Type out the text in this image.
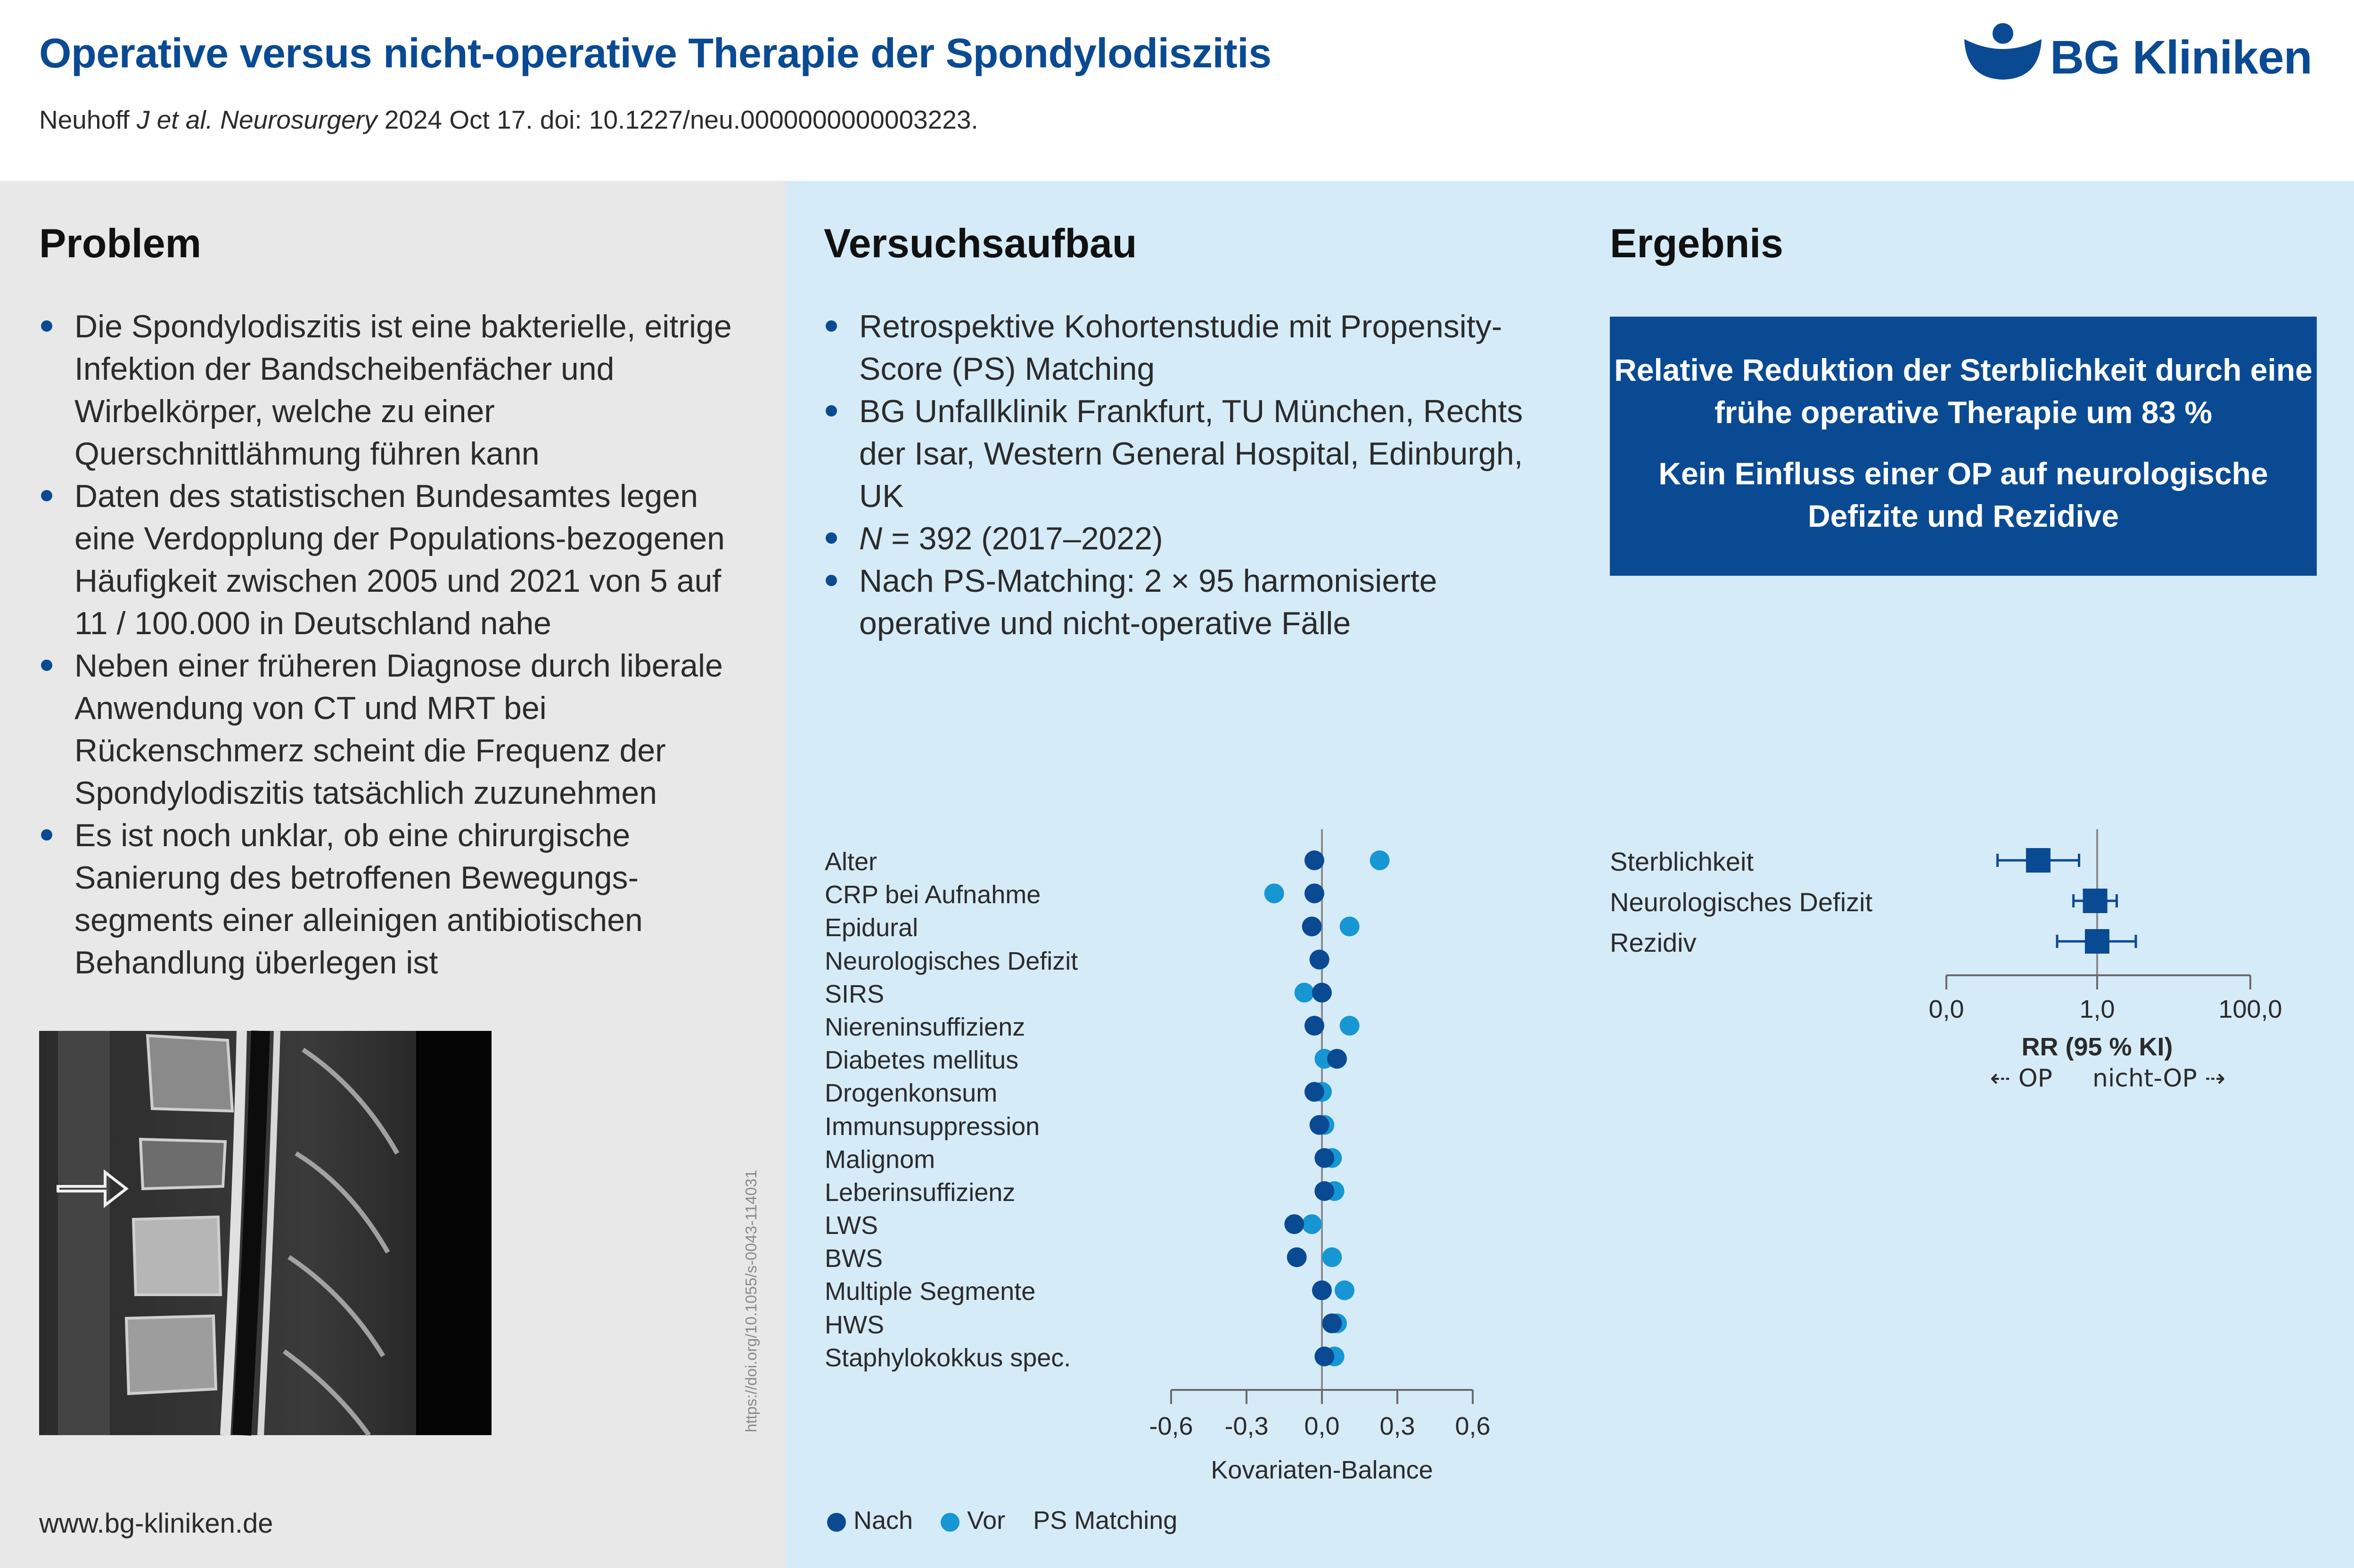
Operative versus nicht-operative Therapie der Spondylodiszitis
Neuhoff J et al. Neurosurgery 2024 Oct 17. doi: 10.1227/neu.0000000000003223.
BG Kliniken
Problem
Die Spondylodiszitis ist eine bakterielle, eitrige Infektion der Bandscheibenfächer und Wirbelkörper, welche zu einer Querschnittlähmung führen kann
Daten des statistischen Bundesamtes legen eine Verdopplung der Populations-bezogenen Häufigkeit zwischen 2005 und 2021 von 5 auf 11 / 100.000 in Deutschland nahe
Neben einer früheren Diagnose durch liberale Anwendung von CT und MRT bei Rückenschmerz scheint die Frequenz der Spondylodiszitis tatsächlich zuzunehmen
Es ist noch unklar, ob eine chirurgische Sanierung des betroffenen Bewegungs-segments einer alleinigen antibiotischen Behandlung überlegen ist
https://doi.org/10.1055/s-0043-114031
www.bg-kliniken.de
Versuchsaufbau
Retrospektive Kohortenstudie mit Propensity-Score (PS) Matching
BG Unfallklinik Frankfurt, TU München, Rechts der Isar, Western General Hospital, Edinburgh, UK
N = 392 (2017–2022)
Nach PS-Matching: 2 × 95 harmonisierte operative und nicht-operative Fälle
Alter
CRP bei Aufnahme
Epidural
Neurologisches Defizit
SIRS
Niereninsuffizienz
Diabetes mellitus
Drogenkonsum
Immunsuppression
Malignom
Leberinsuffizienz
LWS
BWS
Multiple Segmente
HWS
Staphylokokkus spec.
-0,6 -0,3 0,0 0,3 0,6
Kovariaten-Balance
Nach Vor PS Matching
Ergebnis

Relative Reduktion der Sterblichkeit durch eine frühe operative Therapie um 83 %

Kein Einfluss einer OP auf neurologische Defizite und Rezidive

Sterblichkeit
Neurologisches Defizit
Rezidiv
0,0	1,0	100,0
RR (95 % KI)
⇠ OP nicht-OP ⇢
